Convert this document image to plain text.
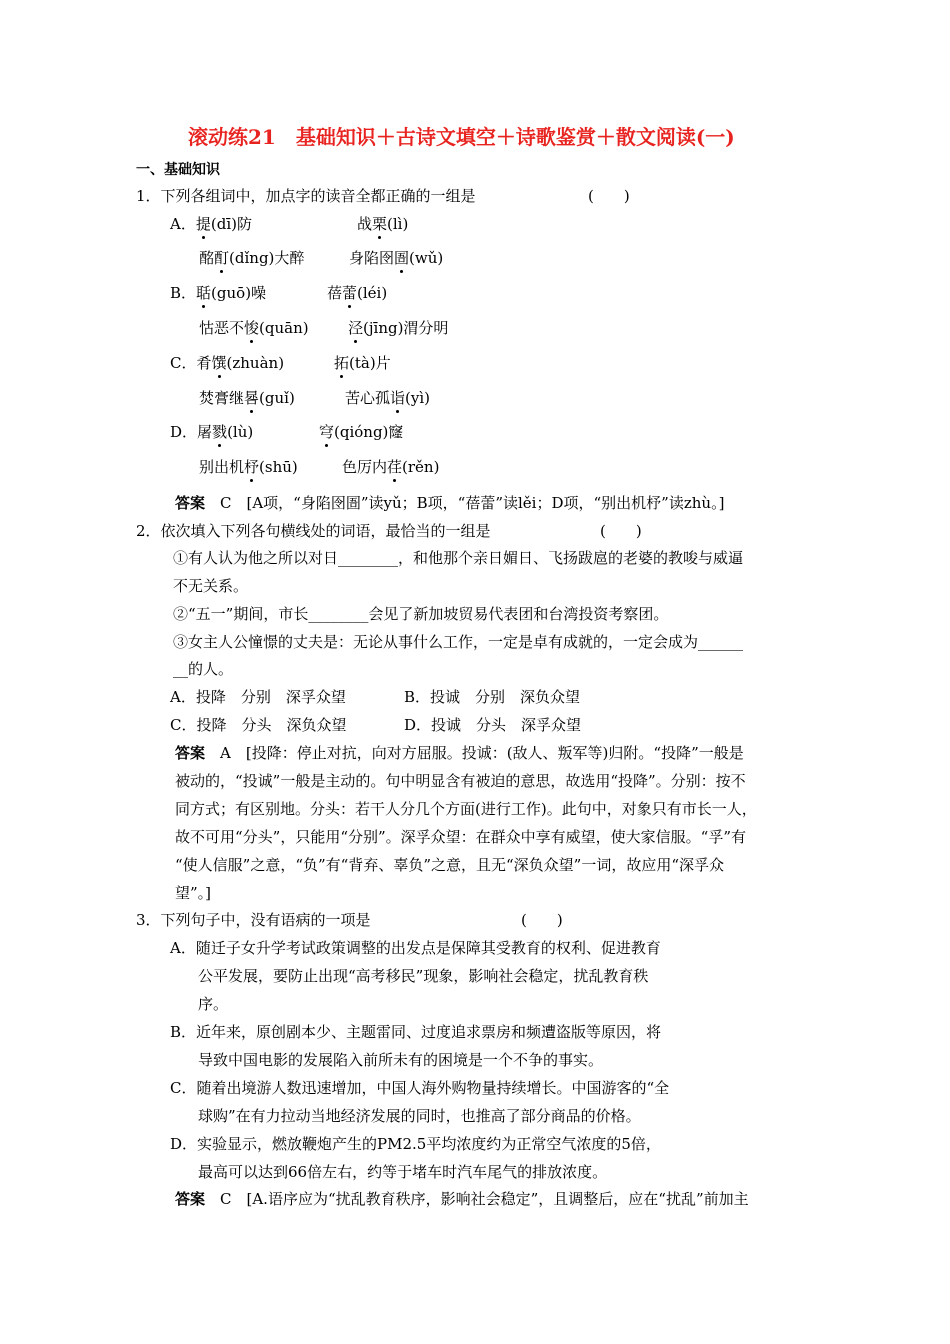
滚动练21　基础知识＋古诗文填空＋诗歌鉴赏＋散文阅读(一)
一、基础知识
1．下列各组词中，加点字的读音全都正确的一组是	(　　)
A．提(dī)防	战栗(lì)
酩酊(dǐng)大醉	身陷囹圄(wǔ)
B．聒(guō)噪	蓓蕾(léi)
怙恶不悛(quān)	泾(jīng)渭分明
C．肴馔(zhuàn)	拓(tà)片
焚膏继晷(guǐ)	苦心孤诣(yì)
D．屠戮(lù)	穹(qióng)窿
别出机杼(shū)	色厉内荏(rěn)
答案　C　[A项，“身陷囹圄”读yǔ；B项，“蓓蕾”读lěi；D项，“别出机杼”读zhù。]
2．依次填入下列各句横线处的词语，最恰当的一组是	(　　)
①有人认为他之所以对日________，和他那个亲日媚日、飞扬跋扈的老婆的教唆与威逼
不无关系。
②“五一”期间，市长________会见了新加坡贸易代表团和台湾投资考察团。
③女主人公憧憬的丈夫是：无论从事什么工作，一定是卓有成就的，一定会成为______
__的人。
A．投降　分别　深孚众望	B．投诚　分别　深负众望
C．投降　分头　深负众望	D．投诚　分头　深孚众望
答案　A　[投降：停止对抗，向对方屈服。投诚：(敌人、叛军等)归附。“投降”一般是
被动的，“投诚”一般是主动的。句中明显含有被迫的意思，故选用“投降”。分别：按不
同方式；有区别地。分头：若干人分几个方面(进行工作)。此句中，对象只有市长一人，
故不可用“分头”，只能用“分别”。深孚众望：在群众中享有威望，使大家信服。“孚”有
“使人信服”之意，“负”有“背弃、辜负”之意，且无“深负众望”一词，故应用“深孚众
望”。]
3．下列句子中，没有语病的一项是	(　　)
A．随迁子女升学考试政策调整的出发点是保障其受教育的权利、促进教育
公平发展，要防止出现“高考移民”现象，影响社会稳定，扰乱教育秩
序。
B．近年来，原创剧本少、主题雷同、过度追求票房和频遭盗版等原因，将
导致中国电影的发展陷入前所未有的困境是一个不争的事实。
C．随着出境游人数迅速增加，中国人海外购物量持续增长。中国游客的“全
球购”在有力拉动当地经济发展的同时，也推高了部分商品的价格。
D．实验显示，燃放鞭炮产生的PM2.5平均浓度约为正常空气浓度的5倍，
最高可以达到66倍左右，约等于堵车时汽车尾气的排放浓度。
答案　C　[A.语序应为“扰乱教育秩序，影响社会稳定”，且调整后，应在“扰乱”前加主
